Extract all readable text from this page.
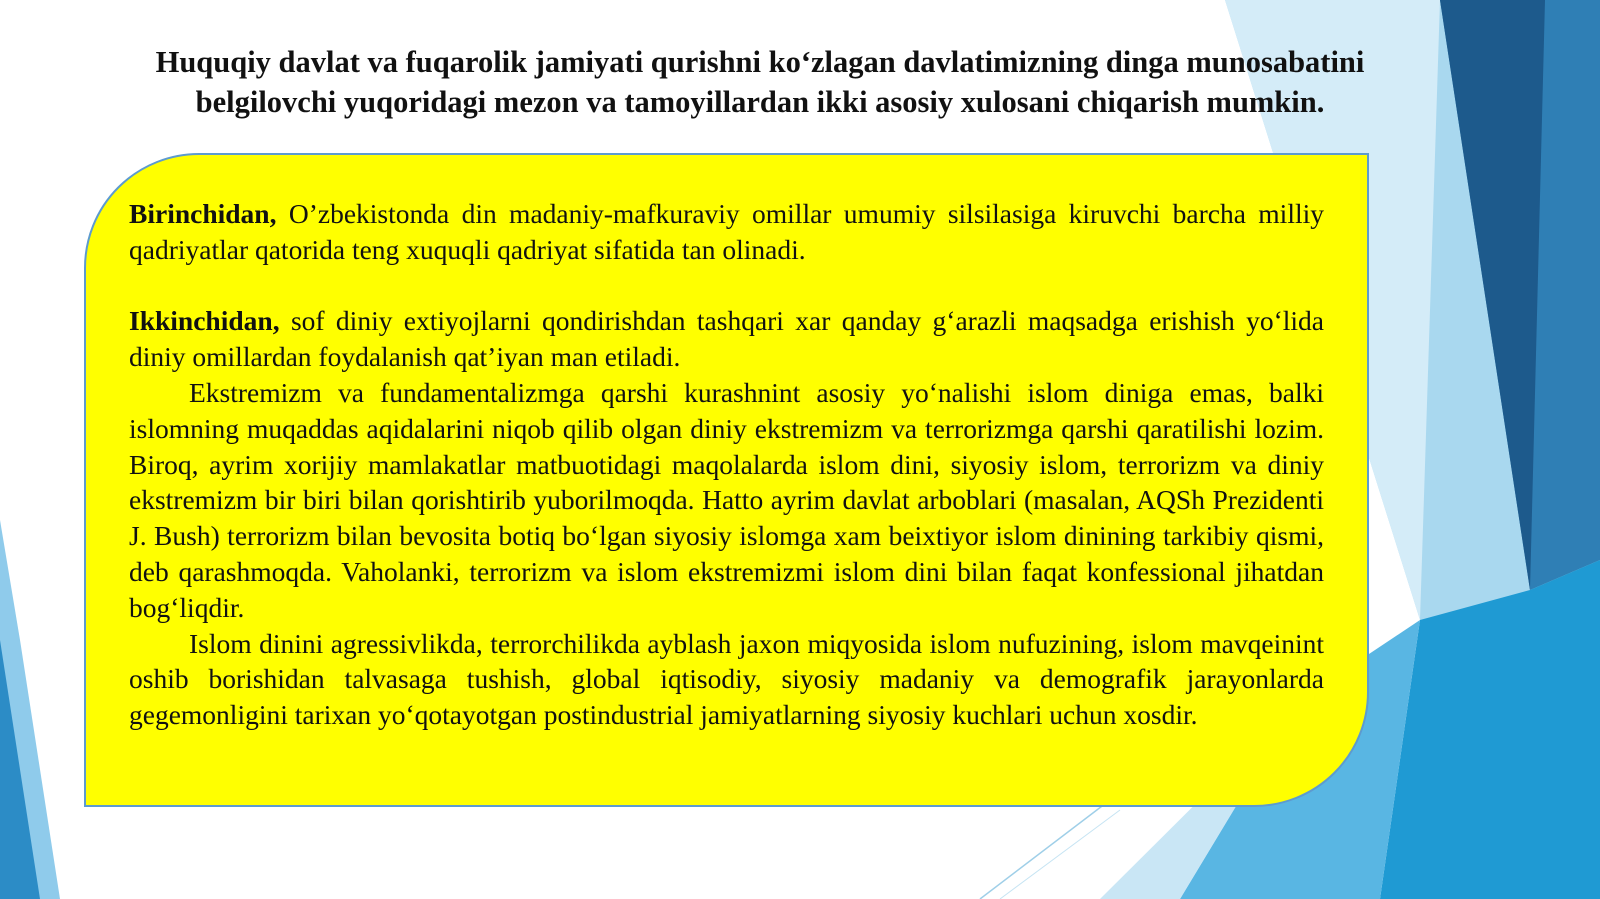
Huquqiy davlat va fuqarolik jamiyati qurishni ko‘zlagan davlatimizning dinga munosabatini
belgilovchi yuqoridagi mezon va tamoyillardan ikki asosiy xulosani chiqarish mumkin.

Birinchidan, O’zbekistonda din madaniy-mafkuraviy omillar umumiy silsilasiga kiruvchi barcha milliy qadriyatlar qatorida teng xuquqli qadriyat sifatida tan olinadi.

Ikkinchidan, sof diniy extiyojlarni qondirishdan tashqari xar qanday g‘arazli maqsadga erishish yo‘lida diniy omillardan foydalanish qat’iyan man etiladi.

Ekstremizm va fundamentalizmga qarshi kurashnint asosiy yo‘nalishi islom diniga emas, balki islomning muqaddas aqidalarini niqob qilib olgan diniy ekstremizm va terrorizmga qarshi qaratilishi lozim. Biroq, ayrim xorijiy mamlakatlar matbuotidagi maqolalarda islom dini, siyosiy islom, terrorizm va diniy ekstremizm bir biri bilan qorishtirib yuborilmoqda. Hatto ayrim davlat arboblari (masalan, AQSh Prezidenti J. Bush) terrorizm bilan bevosita botiq bo‘lgan siyosiy islomga xam beixtiyor islom dinining tarkibiy qismi, deb qarashmoqda. Vaholanki, terrorizm va islom ekstremizmi islom dini bilan faqat konfessional jihatdan bog‘liqdir.

Islom dinini agressivlikda, terrorchilikda ayblash jaxon miqyosida islom nufuzining, islom mavqeinint oshib borishidan talvasaga tushish, global iqtisodiy, siyosiy madaniy va demografik jarayonlarda gegemonligini tarixan yo‘qotayotgan postindustrial jamiyatlarning siyosiy kuchlari uchun xosdir.
